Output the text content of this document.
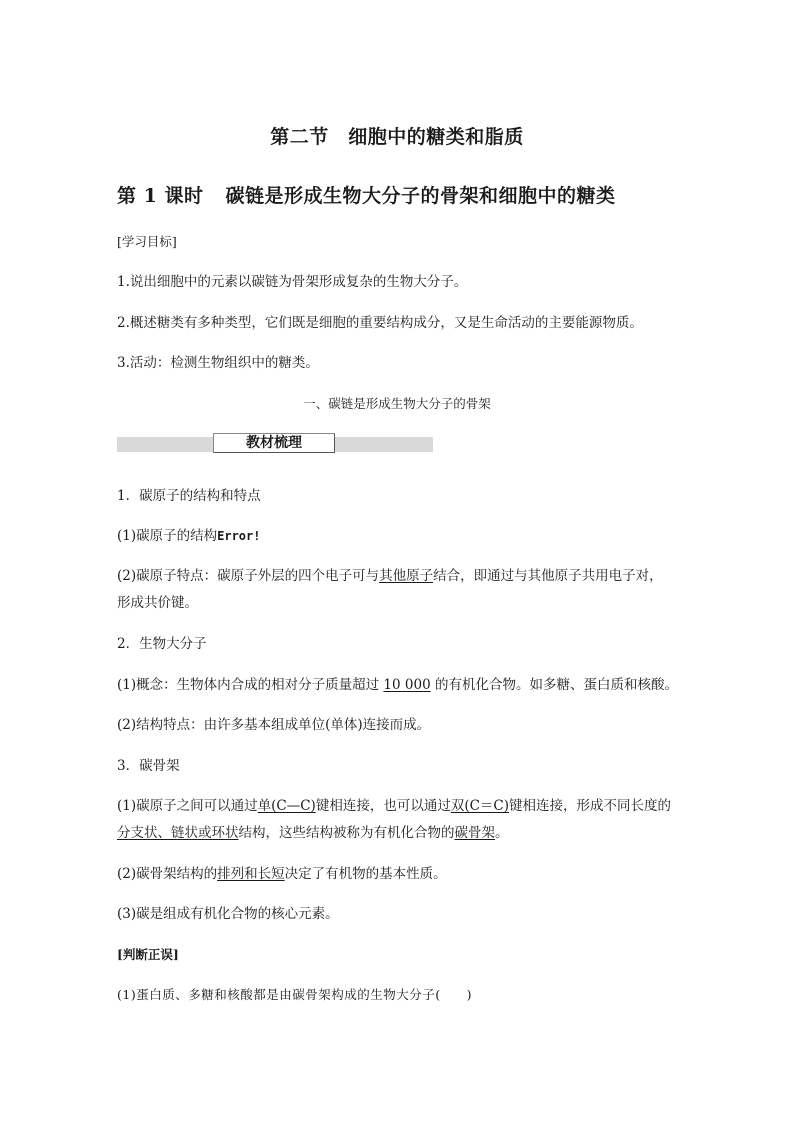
第二节　细胞中的糖类和脂质
第 1 课时 碳链是形成生物大分子的骨架和细胞中的糖类
[学习目标]
1.说出细胞中的元素以碳链为骨架形成复杂的生物大分子。
2.概述糖类有多种类型，它们既是细胞的重要结构成分，又是生命活动的主要能源物质。
3.活动：检测生物组织中的糖类。
一、碳链是形成生物大分子的骨架
教材梳理
1．碳原子的结构和特点
(1)碳原子的结构Error!
(2)碳原子特点：碳原子外层的四个电子可与其他原子结合，即通过与其他原子共用电子对，
形成共价键。
2．生物大分子
(1)概念：生物体内合成的相对分子质量超过 10 000 的有机化合物。如多糖、蛋白质和核酸。
(2)结构特点：由许多基本组成单位(单体)连接而成。
3．碳骨架
(1)碳原子之间可以通过单(C—C)键相连接，也可以通过双(C＝C)键相连接，形成不同长度的
分支状、链状或环状结构，这些结构被称为有机化合物的碳骨架。
(2)碳骨架结构的排列和长短决定了有机物的基本性质。
(3)碳是组成有机化合物的核心元素。
[判断正误]
(1)蛋白质、多糖和核酸都是由碳骨架构成的生物大分子(　　)
